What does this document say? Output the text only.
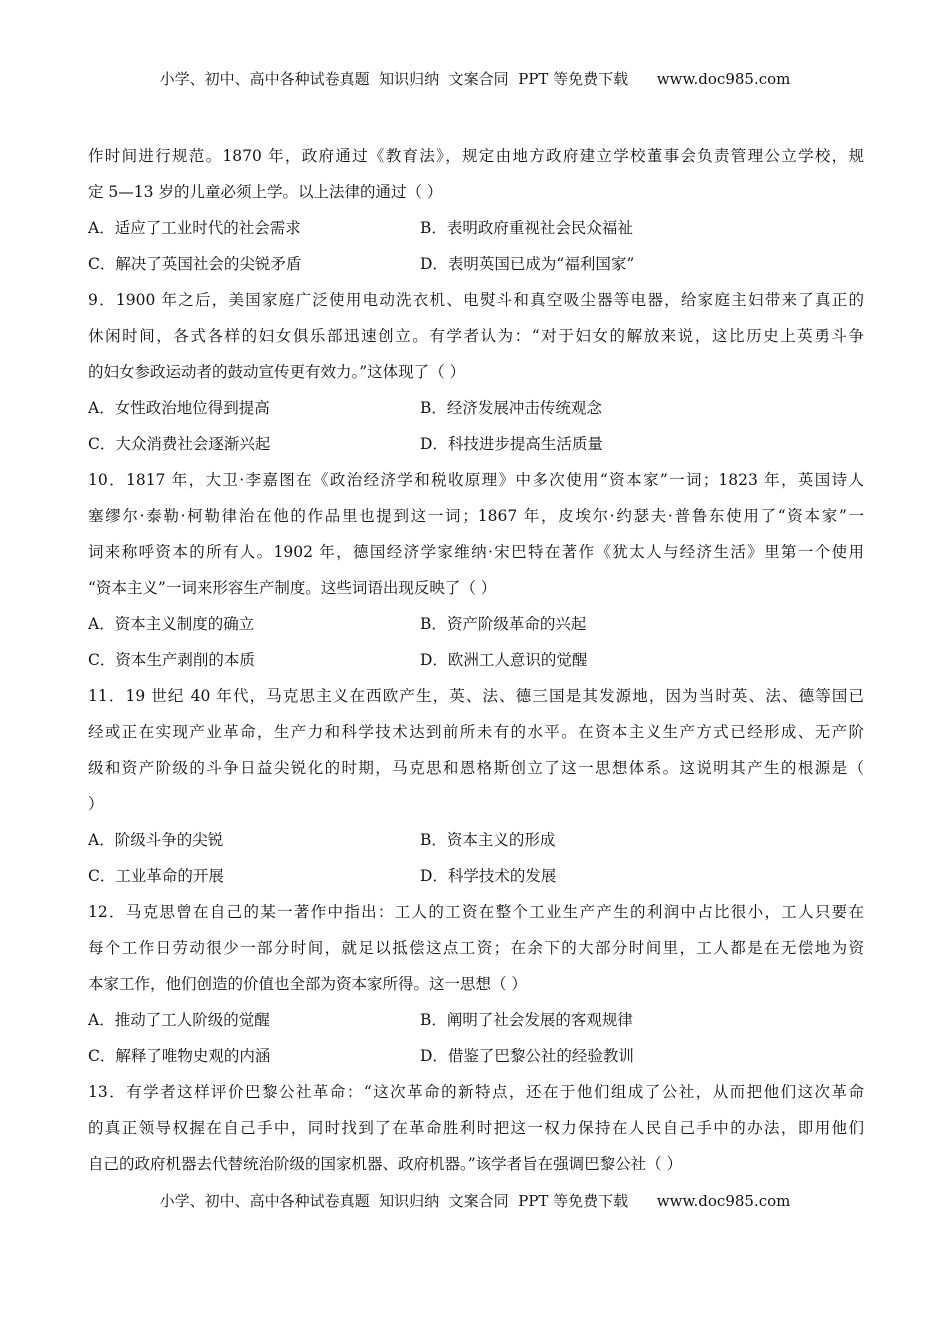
小学、初中、高中各种试卷真题  知识归纳  文案合同  PPT 等免费下载      www.doc985.com
作时间进行规范。1870 年，政府通过《教育法》，规定由地方政府建立学校董事会负责管理公立学校，规
定 5—13 岁的儿童必须上学。以上法律的通过（ ）
A．适应了工业时代的社会需求	B．表明政府重视社会民众福祉
C．解决了英国社会的尖锐矛盾	D．表明英国已成为“福利国家”
9．1900 年之后，美国家庭广泛使用电动洗衣机、电熨斗和真空吸尘器等电器，给家庭主妇带来了真正的
休闲时间，各式各样的妇女俱乐部迅速创立。有学者认为：“对于妇女的解放来说，这比历史上英勇斗争
的妇女参政运动者的鼓动宣传更有效力。”这体现了（ ）
A．女性政治地位得到提高	B．经济发展冲击传统观念
C．大众消费社会逐渐兴起	D．科技进步提高生活质量
10．1817 年，大卫·李嘉图在《政治经济学和税收原理》中多次使用“资本家”一词；1823 年，英国诗人
塞缪尔·泰勒·柯勒律治在他的作品里也提到这一词；1867 年，皮埃尔·约瑟夫·普鲁东使用了“资本家”一
词来称呼资本的所有人。1902 年，德国经济学家维纳·宋巴特在著作《犹太人与经济生活》里第一个使用
“资本主义”一词来形容生产制度。这些词语出现反映了（ ）
A．资本主义制度的确立	B．资产阶级革命的兴起
C．资本生产剥削的本质	D．欧洲工人意识的觉醒
11．19 世纪 40 年代，马克思主义在西欧产生，英、法、德三国是其发源地，因为当时英、法、德等国已
经或正在实现产业革命，生产力和科学技术达到前所未有的水平。在资本主义生产方式已经形成、无产阶
级和资产阶级的斗争日益尖锐化的时期，马克思和恩格斯创立了这一思想体系。这说明其产生的根源是（
）
A．阶级斗争的尖锐	B．资本主义的形成
C．工业革命的开展	D．科学技术的发展
12．马克思曾在自己的某一著作中指出：工人的工资在整个工业生产产生的利润中占比很小，工人只要在
每个工作日劳动很少一部分时间，就足以抵偿这点工资；在余下的大部分时间里，工人都是在无偿地为资
本家工作，他们创造的价值也全部为资本家所得。这一思想（ ）
A．推动了工人阶级的觉醒	B．阐明了社会发展的客观规律
C．解释了唯物史观的内涵	D．借鉴了巴黎公社的经验教训
13．有学者这样评价巴黎公社革命：“这次革命的新特点，还在于他们组成了公社，从而把他们这次革命
的真正领导权握在自己手中，同时找到了在革命胜利时把这一权力保持在人民自己手中的办法，即用他们
自己的政府机器去代替统治阶级的国家机器、政府机器。”该学者旨在强调巴黎公社（ ）
小学、初中、高中各种试卷真题  知识归纳  文案合同  PPT 等免费下载      www.doc985.com
